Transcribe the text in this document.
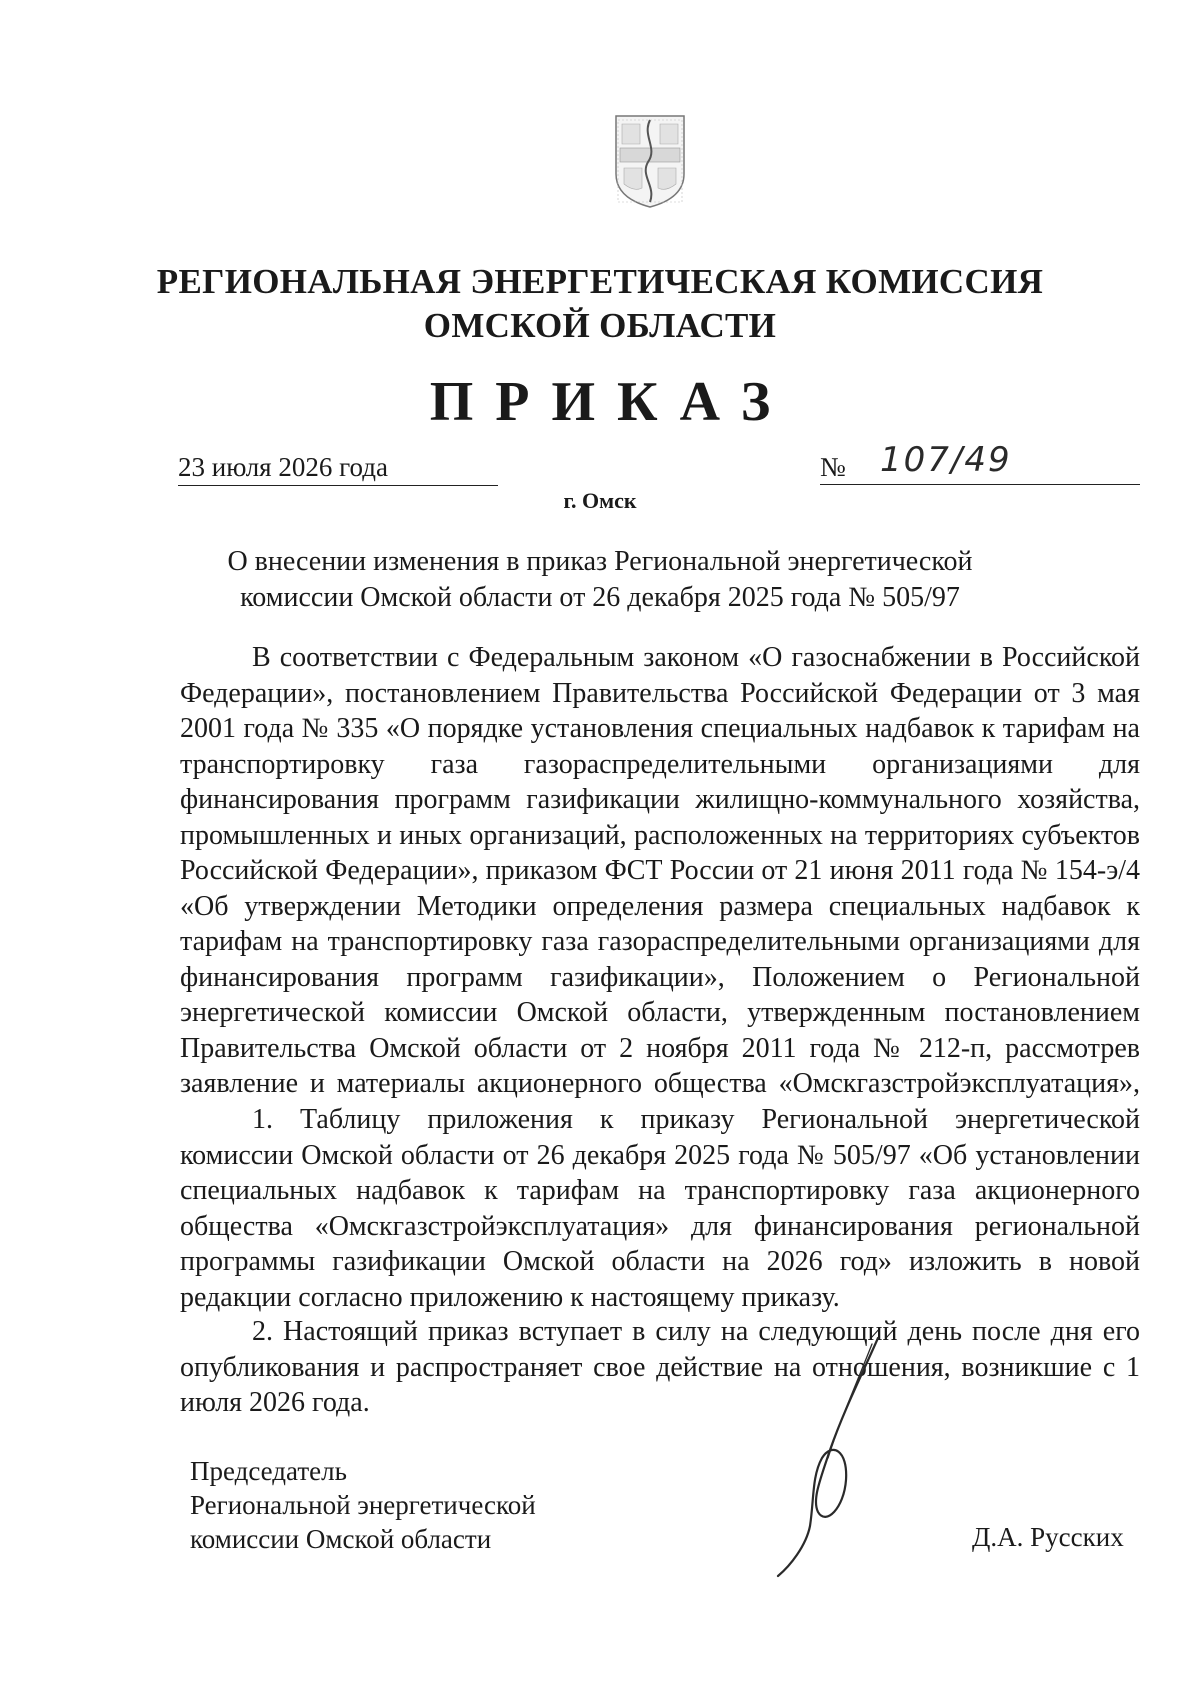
РЕГИОНАЛЬНАЯ ЭНЕРГЕТИЧЕСКАЯ КОМИССИЯ
ОМСКОЙ ОБЛАСТИ
ПРИКАЗ
23 июля 2026 года	№ 107/49
г. Омск
О внесении изменения в приказ Региональной энергетической
комиссии Омской области от 26 декабря 2025 года № 505/97

В соответствии с Федеральным законом «О газоснабжении в Российской Федерации», постановлением Правительства Российской Федерации от 3 мая 2001 года № 335 «О порядке установления специальных надбавок к тарифам на транспортировку газа газораспределительными организациями для финансирования программ газификации жилищно-коммунального хозяйства, промышленных и иных организаций, расположенных на территориях субъектов Российской Федерации», приказом ФСТ России от 21 июня 2011 года № 154-э/4 «Об утверждении Методики определения размера специальных надбавок к тарифам на транспортировку газа газораспределительными организациями для финансирования программ газификации», Положением о Региональной энергетической комиссии Омской области, утвержденным постановлением Правительства Омской области от 2 ноября 2011 года № 212-п, рассмотрев заявление и материалы акционерного общества «Омскгазстройэксплуатация»,

1. Таблицу приложения к приказу Региональной энергетической комиссии Омской области от 26 декабря 2025 года № 505/97 «Об установлении специальных надбавок к тарифам на транспортировку газа акционерного общества «Омскгазстройэксплуатация» для финансирования региональной программы газификации Омской области на 2026 год» изложить в новой редакции согласно приложению к настоящему приказу.

2. Настоящий приказ вступает в силу на следующий день после дня его опубликования и распространяет свое действие на отношения, возникшие с 1 июля 2026 года.

Председатель
Региональной энергетической
комиссии Омской области	Д.А. Русских
